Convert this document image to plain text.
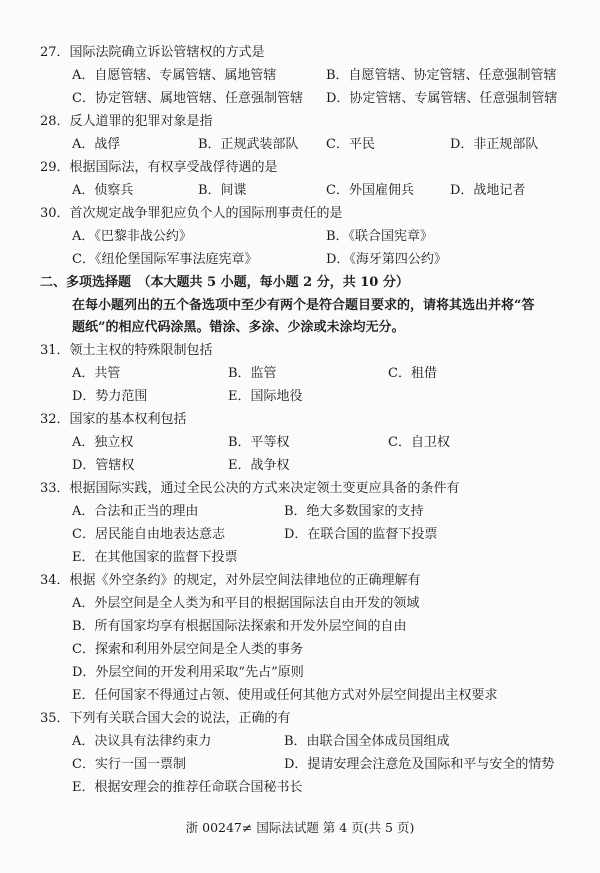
27．国际法院确立诉讼管辖权的方式是
A．自愿管辖、专属管辖、属地管辖	B．自愿管辖、协定管辖、任意强制管辖
C．协定管辖、属地管辖、任意强制管辖 D．协定管辖、专属管辖、任意强制管辖
28．反人道罪的犯罪对象是指
A．战俘	B．正规武装部队 C．平民	D．非正规部队
29．根据国际法，有权享受战俘待遇的是
A．侦察兵	B．间谍	C．外国雇佣兵	D．战地记者
30．首次规定战争罪犯应负个人的国际刑事责任的是
A．《巴黎非战公约》	B．《联合国宪章》
C．《纽伦堡国际军事法庭宪章》	D．《海牙第四公约》
二、多项选择题　（本大题共 5 小题，每小题 2 分，共 10 分）
在每小题列出的五个备选项中至少有两个是符合题目要求的，请将其选出并将“答
题纸”的相应代码涂黑。错涂、多涂、少涂或未涂均无分。
31．领土主权的特殊限制包括
A．共管	B．监管	C．租借
D．势力范围	E．国际地役
32．国家的基本权利包括
A．独立权	B．平等权	C．自卫权
D．管辖权	E．战争权
33．根据国际实践，通过全民公决的方式来决定领土变更应具备的条件有
A．合法和正当的理由	B．绝大多数国家的支持
C．居民能自由地表达意志	D．在联合国的监督下投票
E．在其他国家的监督下投票
34．根据《外空条约》的规定，对外层空间法律地位的正确理解有
A．外层空间是全人类为和平目的根据国际法自由开发的领域
B．所有国家均享有根据国际法探索和开发外层空间的自由
C．探索和利用外层空间是全人类的事务
D．外层空间的开发利用采取“先占”原则
E．任何国家不得通过占领、使用或任何其他方式对外层空间提出主权要求
35．下列有关联合国大会的说法，正确的有
A．决议具有法律约束力	B．由联合国全体成员国组成
C．实行一国一票制	D．提请安理会注意危及国际和平与安全的情势
E．根据安理会的推荐任命联合国秘书长
浙 00247≠ 国际法试题 第 4 页(共 5 页)
